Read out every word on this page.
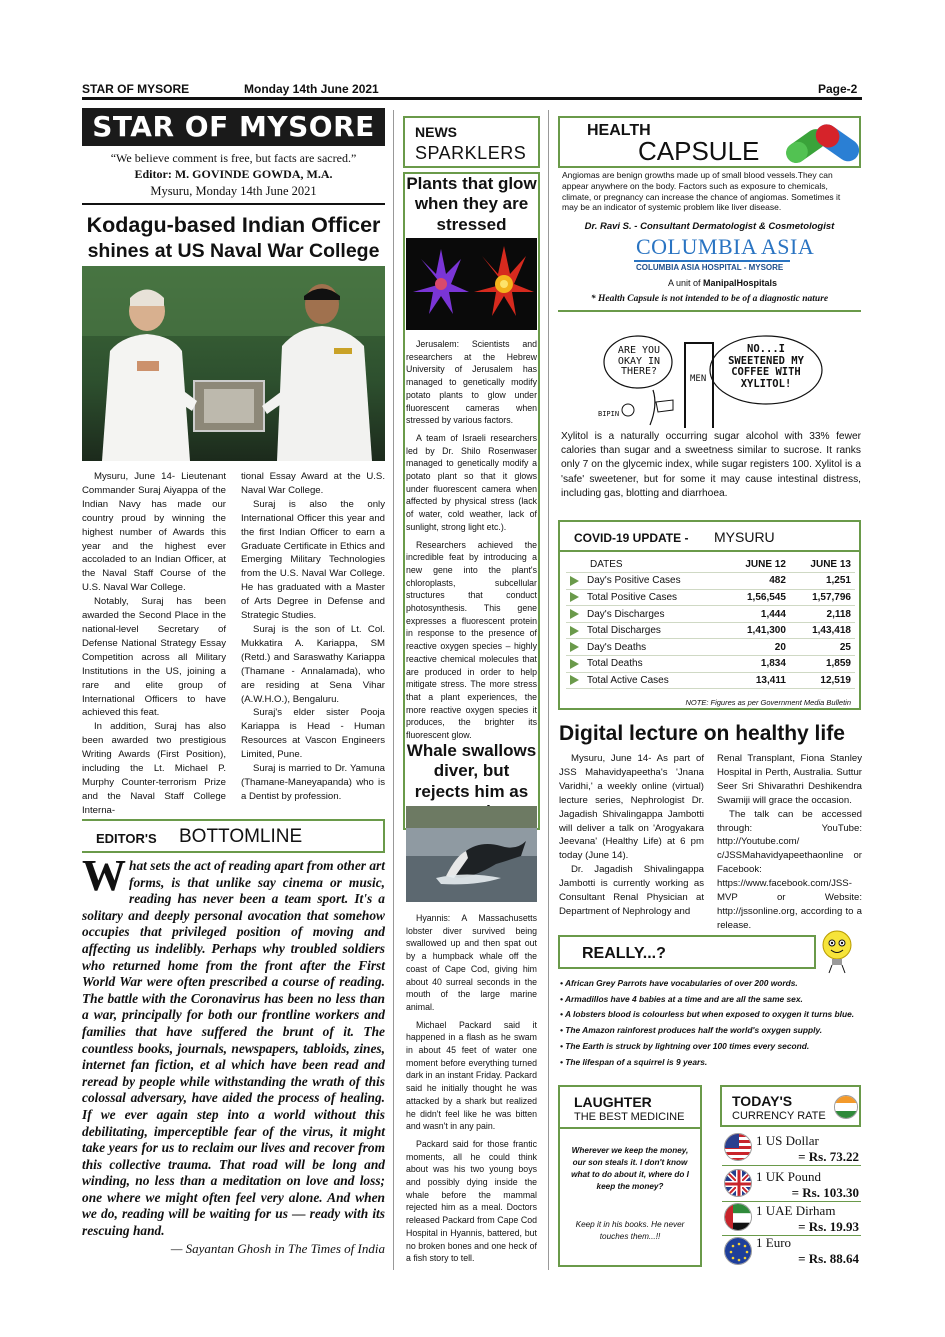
STAR OF MYSORE	Monday 14th June 2021	Page-2
STAR OF MYSORE
“We believe comment is free, but facts are sacred.”
Editor: M. GOVINDE GOWDA, M.A.
Mysuru, Monday 14th June 2021
Kodagu-based Indian Officer
shines at US Naval War College

Mysuru, June 14- Lieutenant Commander Suraj Aiyappa of the Indian Navy has made our country proud by winning the highest number of Awards this year and the highest ever accoladed to an Indian Officer, at the Naval Staff Course of the U.S. Naval War College.

Notably, Suraj has been awarded the Second Place in the national-level Secretary of Defense National Strategy Essay Competition across all Military Institutions in the US, joining a rare and elite group of International Officers to have achieved this feat.

In addition, Suraj has also been awarded two prestigious Writing Awards (First Position), including the Lt. Michael P. Murphy Counter-terrorism Prize and the Naval Staff College Interna-

tional Essay Award at the U.S. Naval War College.

Suraj is also the only International Officer this year and the first Indian Officer to earn a Graduate Certificate in Ethics and Emerging Military Technologies from the U.S. Naval War College. He has graduated with a Master of Arts Degree in Defense and Strategic Studies.

Suraj is the son of Lt. Col. Mukkatira A. Kariappa, SM (Retd.) and Saraswathy Kariappa (Thamane - Annalamada), who are residing at Sena Vihar (A.W.H.O.), Bengaluru.

Suraj's elder sister Pooja Kariappa is Head - Human Resources at Vascon Engineers Limited, Pune.

Suraj is married to Dr. Yamuna (Thamane-Maneyapanda) who is a Dentist by profession.

EDITOR'S BOTTOMLINE
What sets the act of reading apart from other art forms, is that unlike say cinema or music, reading has never been a team sport. It's a solitary and deeply personal avocation that somehow occupies that privileged position of moving and affecting us indelibly. Perhaps why troubled soldiers who returned home from the front after the First World War were often prescribed a course of reading. The battle with the Coronavirus has been no less than a war, principally for both our frontline workers and families that have suffered the brunt of it. The countless books, journals, newspapers, tabloids, zines, internet fan fiction, et al which have been read and reread by people while withstanding the wrath of this colossal adversary, have aided the process of healing. If we ever again step into a world without this debilitating, imperceptible fear of the virus, it might take years for us to reclaim our lives and recover from this collective trauma. That road will be long and winding, no less than a meditation on love and loss; one where we might often feel very alone. And when we do, reading will be waiting for us — ready with its rescuing hand.
— Sayantan Ghosh in The Times of India
NEWS
SPARKLERS
Plants that glow when they are stressed

Jerusalem: Scientists and researchers at the Hebrew University of Jerusalem has managed to genetically modify potato plants to glow under fluorescent cameras when stressed by various factors.

A team of Israeli researchers led by Dr. Shilo Rosenwaser managed to genetically modify a potato plant so that it glows under fluorescent camera when affected by physical stress (lack of water, cold weather, lack of sunlight, strong light etc.).

Researchers achieved the incredible feat by introducing a new gene into the plant's chloroplasts, subcellular structures that conduct photosynthesis. This gene expresses a fluorescent protein in response to the presence of reactive oxygen species – highly reactive chemical molecules that are produced in order to help mitigate stress. The more stress that a plant experiences, the more reactive oxygen species it produces, the brighter its fluorescent glow.

Whale swallows diver, but rejects him as

Hyannis: A Massachusetts lobster diver survived being swallowed up and then spat out by a humpback whale off the coast of Cape Cod, giving him about 40 surreal seconds in the mouth of the large marine animal.

Michael Packard said it happened in a flash as he swam in about 45 feet of water one moment before everything turned dark in an instant Friday. Packard said he initially thought he was attacked by a shark but realized he didn't feel like he was bitten and wasn't in any pain.

Packard said for those frantic moments, all he could think about was his two young boys and possibly dying inside the whale before the mammal rejected him as a meal. Doctors released Packard from Cape Cod Hospital in Hyannis, battered, but no broken bones and one heck of a fish story to tell.

HEALTH
CAPSULE
Angiomas are benign growths made up of small blood vessels.They can appear anywhere on the body. Factors such as exposure to chemicals, climate, or pregnancy can increase the chance of angiomas. Sometimes it may be an indicator of systemic problem like liver disease.
Dr. Ravi S. - Consultant Dermatologist & Cosmetologist
COLUMBIA ASIA
COLUMBIA ASIA HOSPITAL - MYSORE
A unit of ManipalHospitals
* Health Capsule is not intended to be of a diagnostic nature
ARE YOU OKAY IN THERE?
NO...I SWEETENED MY COFFEE WITH XYLITOL!
MEN
BIPIN
Xylitol is a naturally occurring sugar alcohol with 33% fewer calories than sugar and a sweetness similar to sucrose. It ranks only 7 on the glycemic index, while sugar registers 100. Xylitol is a 'safe' sweetener, but for some it may cause intestinal distress, including gas, blotting and diarrhoea.
COVID-19 UPDATE - MYSURU
DATES	JUNE 12	JUNE 13
Day's Positive Cases	482	1,251
Total Positive Cases	1,56,545	1,57,796
Day's Discharges	1,444	2,118
Total Discharges	1,41,300	1,43,418
Day's Deaths	20	25
Total Deaths	1,834	1,859
Total Active Cases	13,411	12,519
NOTE: Figures as per Government Media Bulletin
Digital lecture on healthy life

Mysuru, June 14- As part of JSS Mahavidyapeetha's 'Jnana Varidhi,' a weekly online (virtual) lecture series, Nephrologist Dr. Jagadish Shivalingappa Jambotti will deliver a talk on 'Arogyakara Jeevana' (Healthy Life) at 6 pm today (June 14).

Dr. Jagadish Shivalingappa Jambotti is currently working as Consultant Renal Physician at Department of Nephrology and

Renal Transplant, Fiona Stanley Hospital in Perth, Australia. Suttur Seer Sri Shivarathri Deshikendra Swamiji will grace the occasion.

The talk can be accessed through: YouTube: http://Youtube.com/ c/JSSMahavidyapeethaonline or Facebook: https://www.facebook.com/JSS-MVP or Website: http://jssonline.org, according to a release.

REALLY...?
• African Grey Parrots have vocabularies of over 200 words.
• Armadillos have 4 babies at a time and are all the same sex.
• A lobsters blood is colourless but when exposed to oxygen it turns blue.
• The Amazon rainforest produces half the world's oxygen supply.
• The Earth is struck by lightning over 100 times every second.
• The lifespan of a squirrel is 9 years.
LAUGHTER
THE BEST MEDICINE
Wherever we keep the money, our son steals it. I don't know what to do about it, where do I keep the money?
Keep it in his books. He never touches them...!!
TODAY'S
CURRENCY RATE
1 US Dollar
= Rs. 73.22
1 UK Pound
= Rs. 103.30
1 UAE Dirham
= Rs. 19.93
1 Euro
= Rs. 88.64
